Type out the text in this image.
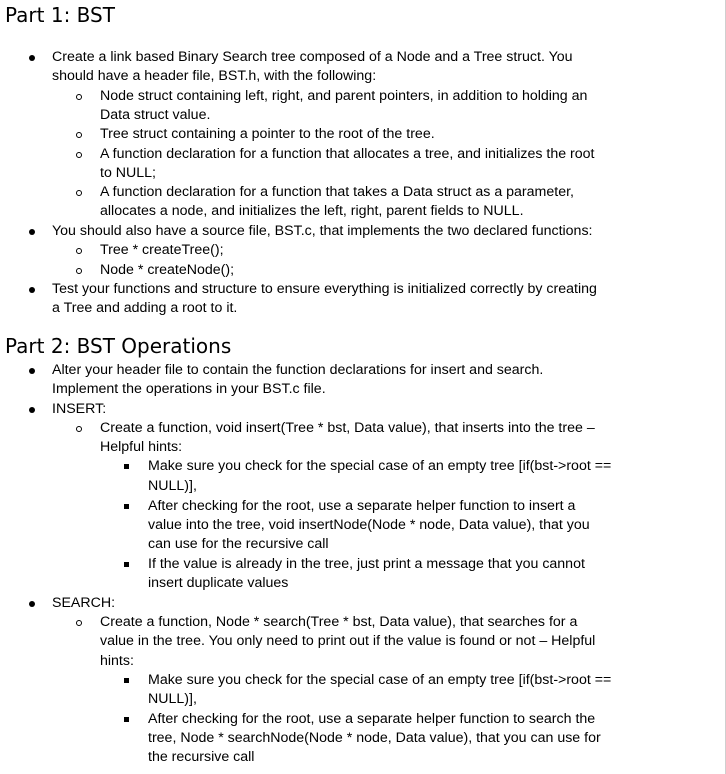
Part 1: BST

Create a link based Binary Search tree composed of a Node and a Tree struct. You

should have a header file, BST.h, with the following:

Node struct containing left, right, and parent pointers, in addition to holding an

Data struct value.

Tree struct containing a pointer to the root of the tree.

A function declaration for a function that allocates a tree, and initializes the root

to NULL;

A function declaration for a function that takes a Data struct as a parameter,

allocates a node, and initializes the left, right, parent fields to NULL.

You should also have a source file, BST.c, that implements the two declared functions:

Tree * createTree();

Node * createNode();

Test your functions and structure to ensure everything is initialized correctly by creating

a Tree and adding a root to it.

Part 2: BST Operations

Alter your header file to contain the function declarations for insert and search.

Implement the operations in your BST.c file.

INSERT:

Create a function, void insert(Tree * bst, Data value), that inserts into the tree –

Helpful hints:

Make sure you check for the special case of an empty tree [if(bst->root ==

NULL)],

After checking for the root, use a separate helper function to insert a

value into the tree, void insertNode(Node * node, Data value), that you

can use for the recursive call

If the value is already in the tree, just print a message that you cannot

insert duplicate values

SEARCH:

Create a function, Node * search(Tree * bst, Data value), that searches for a

value in the tree. You only need to print out if the value is found or not – Helpful

hints:

Make sure you check for the special case of an empty tree [if(bst->root ==

NULL)],

After checking for the root, use a separate helper function to search the

tree, Node * searchNode(Node * node, Data value), that you can use for

the recursive call
